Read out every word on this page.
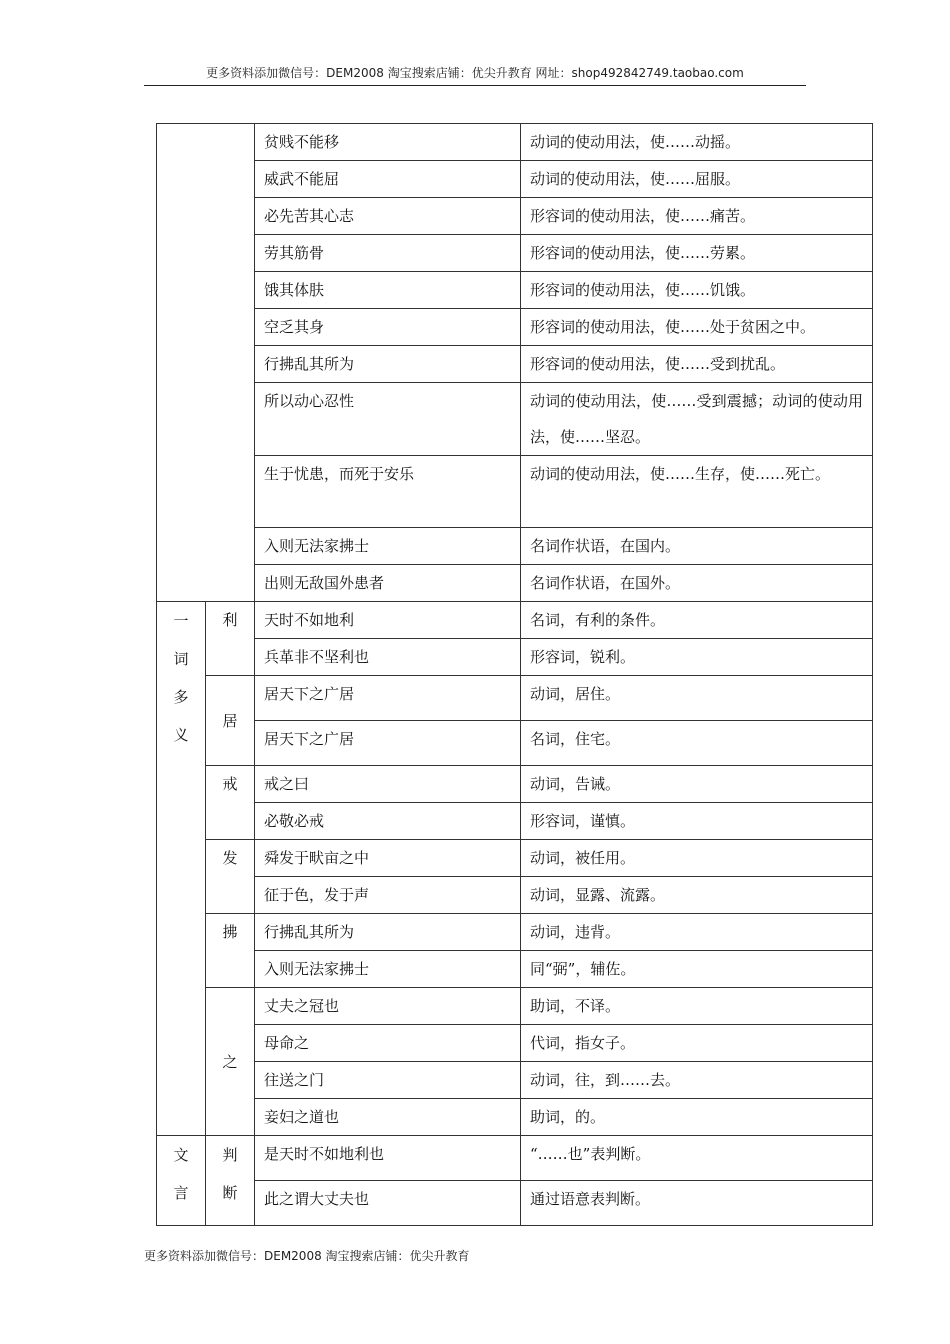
更多资料添加微信号：DEM2008 淘宝搜索店铺：优尖升教育 网址：shop492842749.taobao.com
		贫贱不能移	动词的使动用法，使……动摇。
		威武不能屈	动词的使动用法，使……屈服。
		必先苦其心志	形容词的使动用法，使……痛苦。
		劳其筋骨	形容词的使动用法，使……劳累。
		饿其体肤	形容词的使动用法，使……饥饿。
		空乏其身	形容词的使动用法，使……处于贫困之中。
		行拂乱其所为	形容词的使动用法，使……受到扰乱。
		所以动心忍性	动词的使动用法，使……受到震撼；动词的使动用法，使……坚忍。
		生于忧患，而死于安乐	动词的使动用法，使……生存，使……死亡。
		入则无法家拂士	名词作状语，在国内。
		出则无敌国外患者	名词作状语，在国外。
一词多义	利	天时不如地利	名词，有利的条件。
		兵革非不坚利也	形容词，锐利。
	居	居天下之广居	动词，居住。
		居天下之广居	名词，住宅。
	戒	戒之曰	动词，告诫。
		必敬必戒	形容词，谨慎。
	发	舜发于畎亩之中	动词，被任用。
		征于色，发于声	动词，显露、流露。
	拂	行拂乱其所为	动词，违背。
		入则无法家拂士	同“弼”，辅佐。
	之	丈夫之冠也	助词，不译。
		母命之	代词，指女子。
		往送之门	动词，往，到……去。
		妾妇之道也	助词，的。
文言	判断	是天时不如地利也	“……也”表判断。
		此之谓大丈夫也	通过语意表判断。
更多资料添加微信号：DEM2008 淘宝搜索店铺：优尖升教育
